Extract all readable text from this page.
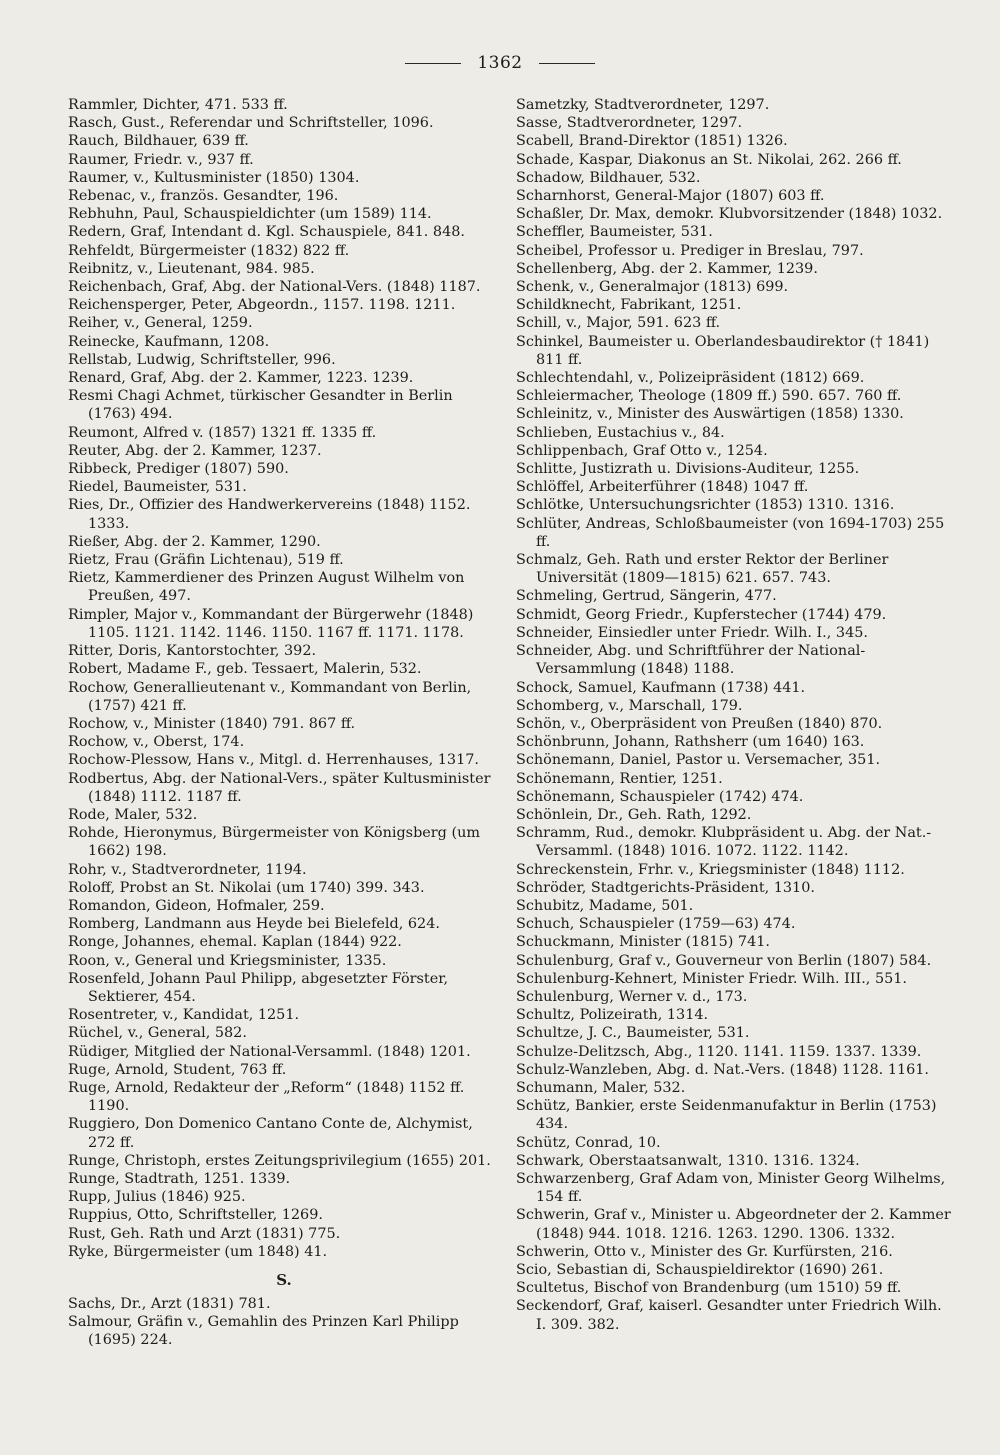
1362
Rammler, Dichter, 471. 533 ff.
Rasch, Gust., Referendar und Schriftsteller, 1096.
Rauch, Bildhauer, 639 ff.
Raumer, Friedr. v., 937 ff.
Raumer, v., Kultusminister (1850) 1304.
Rebenac, v., französ. Gesandter, 196.
Rebhuhn, Paul, Schauspieldichter (um 1589) 114.
Redern, Graf, Intendant d. Kgl. Schauspiele, 841. 848.
Rehfeldt, Bürgermeister (1832) 822 ff.
Reibnitz, v., Lieutenant, 984. 985.
Reichenbach, Graf, Abg. der National-Vers. (1848) 1187.
Reichensperger, Peter, Abgeordn., 1157. 1198. 1211.
Reiher, v., General, 1259.
Reinecke, Kaufmann, 1208.
Rellstab, Ludwig, Schriftsteller, 996.
Renard, Graf, Abg. der 2. Kammer, 1223. 1239.
Resmi Chagi Achmet, türkischer Gesandter in Berlin (1763) 494.
Reumont, Alfred v. (1857) 1321 ff. 1335 ff.
Reuter, Abg. der 2. Kammer, 1237.
Ribbeck, Prediger (1807) 590.
Riedel, Baumeister, 531.
Ries, Dr., Offizier des Handwerkervereins (1848) 1152. 1333.
Rießer, Abg. der 2. Kammer, 1290.
Rietz, Frau (Gräfin Lichtenau), 519 ff.
Rietz, Kammerdiener des Prinzen August Wilhelm von Preußen, 497.
Rimpler, Major v., Kommandant der Bürgerwehr (1848) 1105. 1121. 1142. 1146. 1150. 1167 ff. 1171. 1178.
Ritter, Doris, Kantorstochter, 392.
Robert, Madame F., geb. Tessaert, Malerin, 532.
Rochow, Generallieutenant v., Kommandant von Berlin, (1757) 421 ff.
Rochow, v., Minister (1840) 791. 867 ff.
Rochow, v., Oberst, 174.
Rochow-Plessow, Hans v., Mitgl. d. Herrenhauses, 1317.
Rodbertus, Abg. der National-Vers., später Kultusminister (1848) 1112. 1187 ff.
Rode, Maler, 532.
Rohde, Hieronymus, Bürgermeister von Königsberg (um 1662) 198.
Rohr, v., Stadtverordneter, 1194.
Roloff, Probst an St. Nikolai (um 1740) 399. 343.
Romandon, Gideon, Hofmaler, 259.
Romberg, Landmann aus Heyde bei Bielefeld, 624.
Ronge, Johannes, ehemal. Kaplan (1844) 922.
Roon, v., General und Kriegsminister, 1335.
Rosenfeld, Johann Paul Philipp, abgesetzter Förster, Sektierer, 454.
Rosentreter, v., Kandidat, 1251.
Rüchel, v., General, 582.
Rüdiger, Mitglied der National-Versamml. (1848) 1201.
Ruge, Arnold, Student, 763 ff.
Ruge, Arnold, Redakteur der „Reform“ (1848) 1152 ff. 1190.
Ruggiero, Don Domenico Cantano Conte de, Alchymist, 272 ff.
Runge, Christoph, erstes Zeitungsprivilegium (1655) 201.
Runge, Stadtrath, 1251. 1339.
Rupp, Julius (1846) 925.
Ruppius, Otto, Schriftsteller, 1269.
Rust, Geh. Rath und Arzt (1831) 775.
Ryke, Bürgermeister (um 1848) 41.
S.
Sachs, Dr., Arzt (1831) 781.
Salmour, Gräfin v., Gemahlin des Prinzen Karl Philipp (1695) 224.
Sametzky, Stadtverordneter, 1297.
Sasse, Stadtverordneter, 1297.
Scabell, Brand-Direktor (1851) 1326.
Schade, Kaspar, Diakonus an St. Nikolai, 262. 266 ff.
Schadow, Bildhauer, 532.
Scharnhorst, General-Major (1807) 603 ff.
Schaßler, Dr. Max, demokr. Klubvorsitzender (1848) 1032.
Scheffler, Baumeister, 531.
Scheibel, Professor u. Prediger in Breslau, 797.
Schellenberg, Abg. der 2. Kammer, 1239.
Schenk, v., Generalmajor (1813) 699.
Schildknecht, Fabrikant, 1251.
Schill, v., Major, 591. 623 ff.
Schinkel, Baumeister u. Oberlandesbaudirektor († 1841) 811 ff.
Schlechtendahl, v., Polizeipräsident (1812) 669.
Schleiermacher, Theologe (1809 ff.) 590. 657. 760 ff.
Schleinitz, v., Minister des Auswärtigen (1858) 1330.
Schlieben, Eustachius v., 84.
Schlippenbach, Graf Otto v., 1254.
Schlitte, Justizrath u. Divisions-Auditeur, 1255.
Schlöffel, Arbeiterführer (1848) 1047 ff.
Schlötke, Untersuchungsrichter (1853) 1310. 1316.
Schlüter, Andreas, Schloßbaumeister (von 1694-1703) 255 ff.
Schmalz, Geh. Rath und erster Rektor der Berliner Universität (1809—1815) 621. 657. 743.
Schmeling, Gertrud, Sängerin, 477.
Schmidt, Georg Friedr., Kupferstecher (1744) 479.
Schneider, Einsiedler unter Friedr. Wilh. I., 345.
Schneider, Abg. und Schriftführer der National-Versammlung (1848) 1188.
Schock, Samuel, Kaufmann (1738) 441.
Schomberg, v., Marschall, 179.
Schön, v., Oberpräsident von Preußen (1840) 870.
Schönbrunn, Johann, Rathsherr (um 1640) 163.
Schönemann, Daniel, Pastor u. Versemacher, 351.
Schönemann, Rentier, 1251.
Schönemann, Schauspieler (1742) 474.
Schönlein, Dr., Geh. Rath, 1292.
Schramm, Rud., demokr. Klubpräsident u. Abg. der Nat.-Versamml. (1848) 1016. 1072. 1122. 1142.
Schreckenstein, Frhr. v., Kriegsminister (1848) 1112.
Schröder, Stadtgerichts-Präsident, 1310.
Schubitz, Madame, 501.
Schuch, Schauspieler (1759—63) 474.
Schuckmann, Minister (1815) 741.
Schulenburg, Graf v., Gouverneur von Berlin (1807) 584.
Schulenburg-Kehnert, Minister Friedr. Wilh. III., 551.
Schulenburg, Werner v. d., 173.
Schultz, Polizeirath, 1314.
Schultze, J. C., Baumeister, 531.
Schulze-Delitzsch, Abg., 1120. 1141. 1159. 1337. 1339.
Schulz-Wanzleben, Abg. d. Nat.-Vers. (1848) 1128. 1161.
Schumann, Maler, 532.
Schütz, Bankier, erste Seidenmanufaktur in Berlin (1753) 434.
Schütz, Conrad, 10.
Schwark, Oberstaatsanwalt, 1310. 1316. 1324.
Schwarzenberg, Graf Adam von, Minister Georg Wilhelms, 154 ff.
Schwerin, Graf v., Minister u. Abgeordneter der 2. Kammer (1848) 944. 1018. 1216. 1263. 1290. 1306. 1332.
Schwerin, Otto v., Minister des Gr. Kurfürsten, 216.
Scio, Sebastian di, Schauspieldirektor (1690) 261.
Scultetus, Bischof von Brandenburg (um 1510) 59 ff.
Seckendorf, Graf, kaiserl. Gesandter unter Friedrich Wilh. I. 309. 382.
